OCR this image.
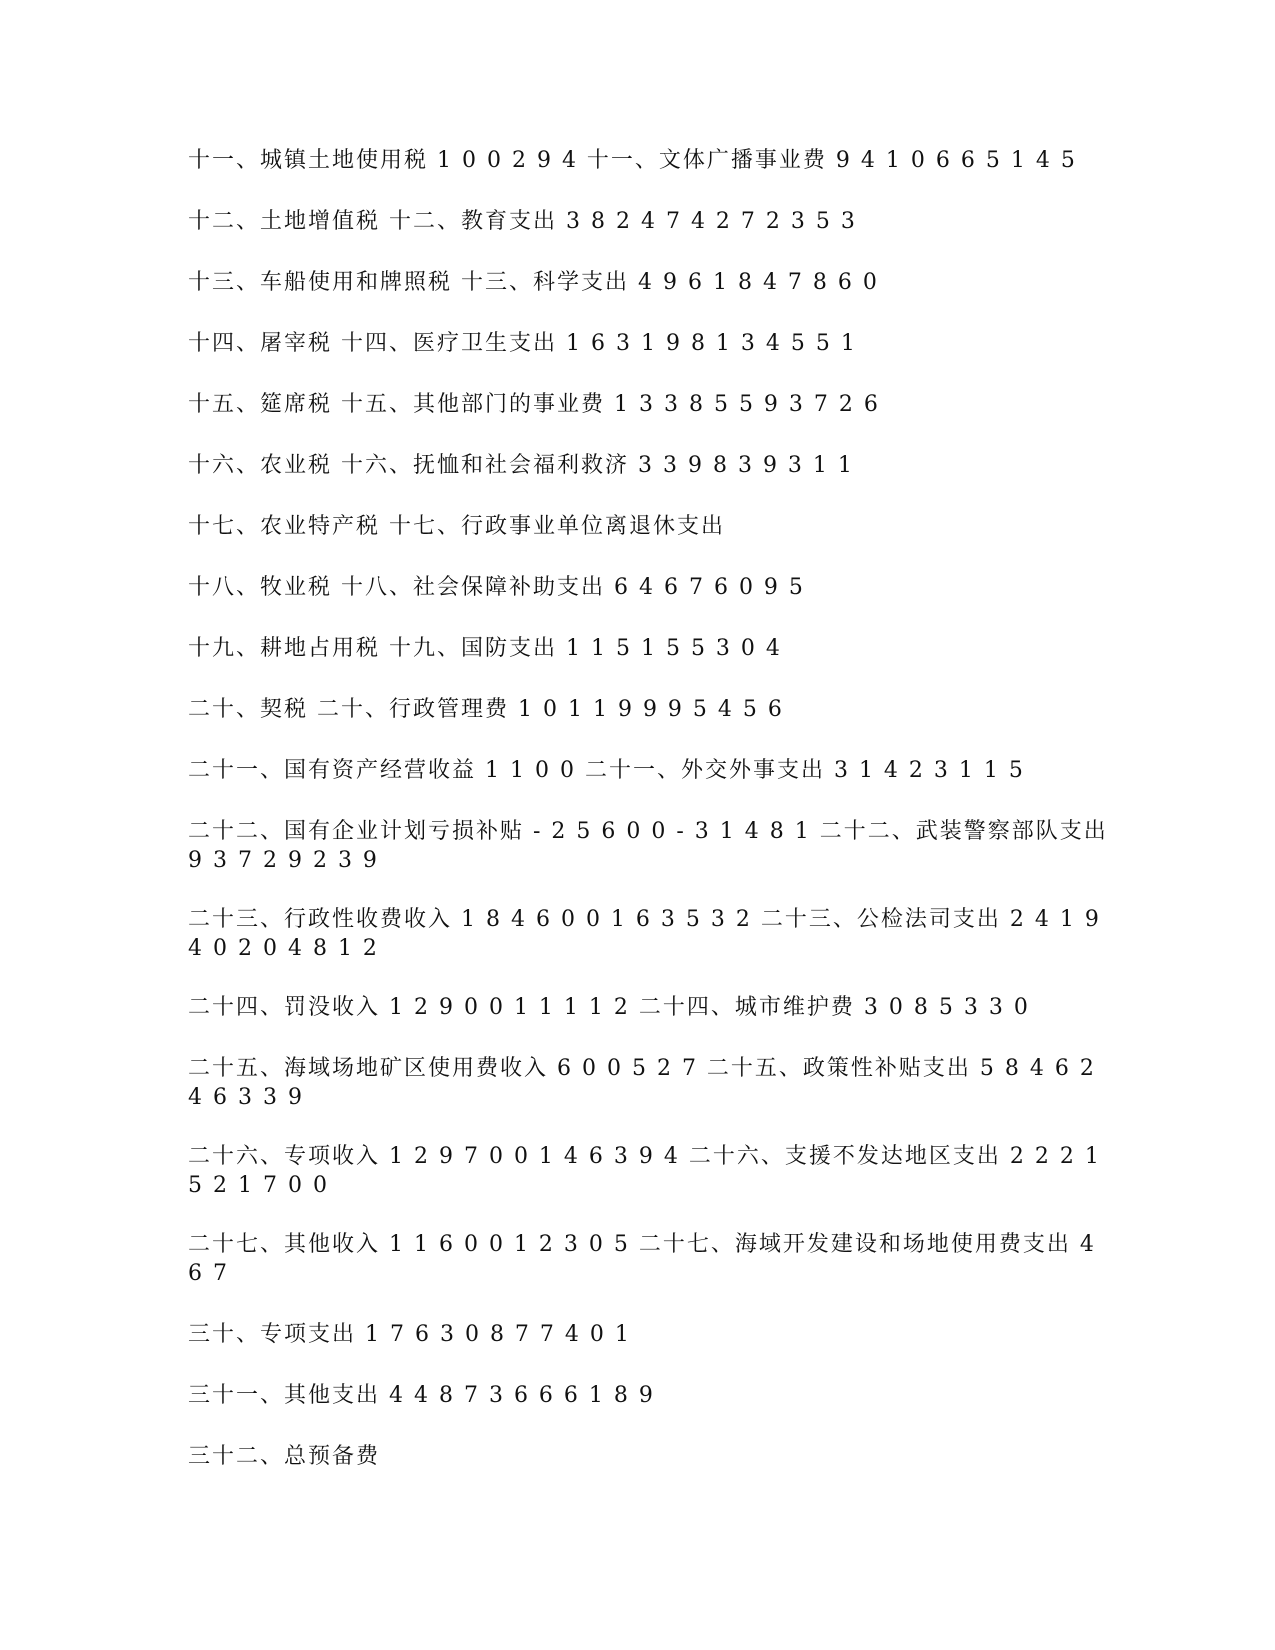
十一、城镇土地使用税 1 0 0 2 9 4 十一、文体广播事业费 9 4 1 0 6 6 5 1 4 5

十二、土地增值税 十二、教育支出 3 8 2 4 7 4 2 7 2 3 5 3

十三、车船使用和牌照税 十三、科学支出 4 9 6 1 8 4 7 8 6 0

十四、屠宰税 十四、医疗卫生支出 1 6 3 1 9 8 1 3 4 5 5 1

十五、筵席税 十五、其他部门的事业费 1 3 3 8 5 5 9 3 7 2 6

十六、农业税 十六、抚恤和社会福利救济 3 3 9 8 3 9 3 1 1

十七、农业特产税 十七、行政事业单位离退休支出

十八、牧业税 十八、社会保障补助支出 6 4 6 7 6 0 9 5

十九、耕地占用税 十九、国防支出 1 1 5 1 5 5 3 0 4

二十、契税 二十、行政管理费 1 0 1 1 9 9 9 5 4 5 6

二十一、国有资产经营收益 1 1 0 0 二十一、外交外事支出 3 1 4 2 3 1 1 5

二十二、国有企业计划亏损补贴 - 2 5 6 0 0 - 3 1 4 8 1 二十二、武装警察部队支出 9 3 7 2 9 2 3 9

二十三、行政性收费收入 1 8 4 6 0 0 1 6 3 5 3 2 二十三、公检法司支出 2 4 1 9 4 0 2 0 4 8 1 2

二十四、罚没收入 1 2 9 0 0 1 1 1 1 2 二十四、城市维护费 3 0 8 5 3 3 0

二十五、海域场地矿区使用费收入 6 0 0 5 2 7 二十五、政策性补贴支出 5 8 4 6 2 4 6 3 3 9

二十六、专项收入 1 2 9 7 0 0 1 4 6 3 9 4 二十六、支援不发达地区支出 2 2 2 1 5 2 1 7 0 0

二十七、其他收入 1 1 6 0 0 1 2 3 0 5 二十七、海域开发建设和场地使用费支出 4 6 7

三十、专项支出 1 7 6 3 0 8 7 7 4 0 1

三十一、其他支出 4 4 8 7 3 6 6 6 1 8 9

三十二、总预备费
